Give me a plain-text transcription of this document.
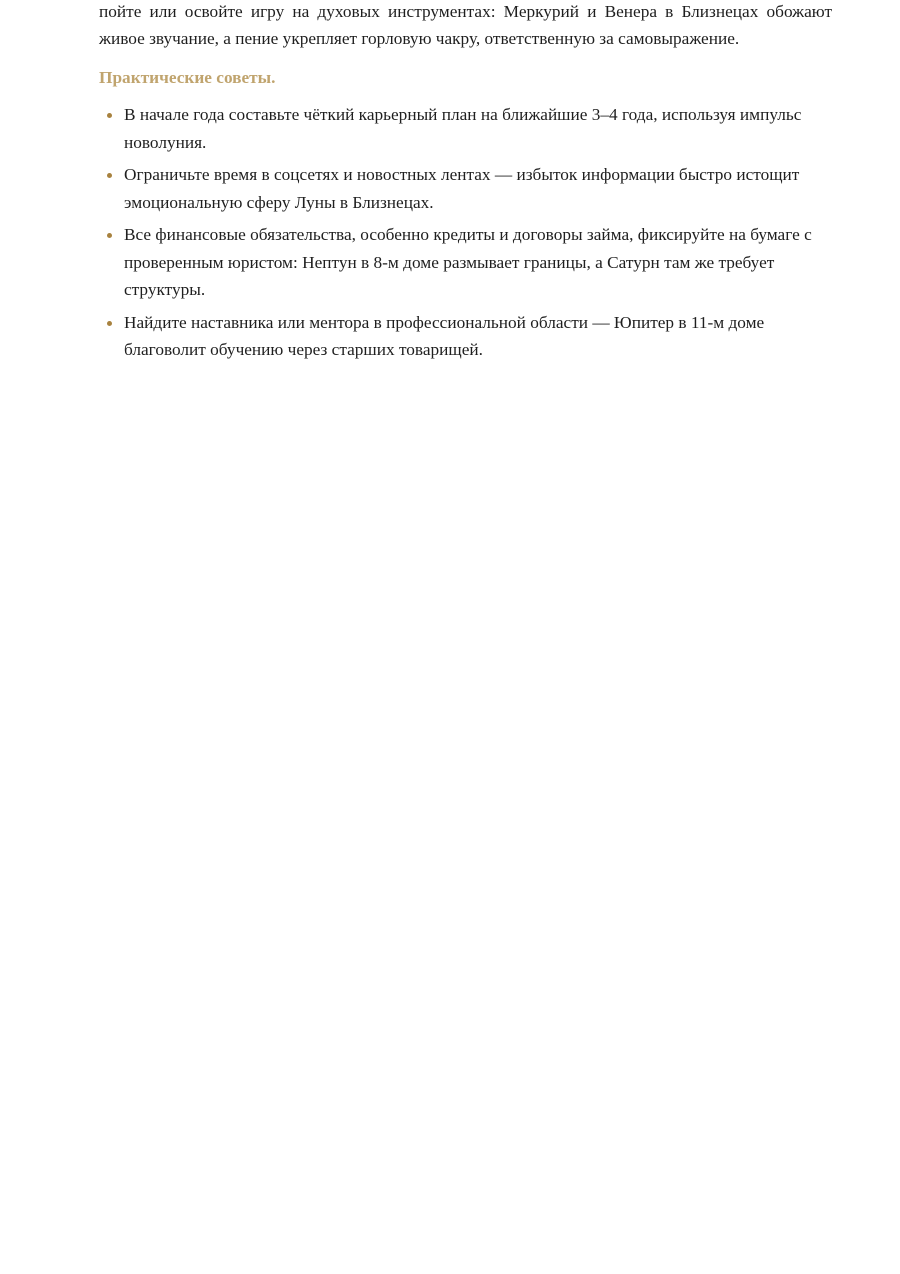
пойте или освойте игру на духовых инструментах: Меркурий и Венера в Близнецах обожают живое звучание, а пение укрепляет горловую чакру, ответственную за самовыражение.

Практические советы.
В начале года составьте чёткий карьерный план на ближайшие 3–4 года, используя импульс новолуния.
Ограничьте время в соцсетях и новостных лентах — избыток информации быстро истощит эмоциональную сферу Луны в Близнецах.
Все финансовые обязательства, особенно кредиты и договоры займа, фиксируйте на бумаге с проверенным юристом: Нептун в 8-м доме размывает границы, а Сатурн там же требует структуры.
Найдите наставника или ментора в профессиональной области — Юпитер в 11-м доме благоволит обучению через старших товарищей.
